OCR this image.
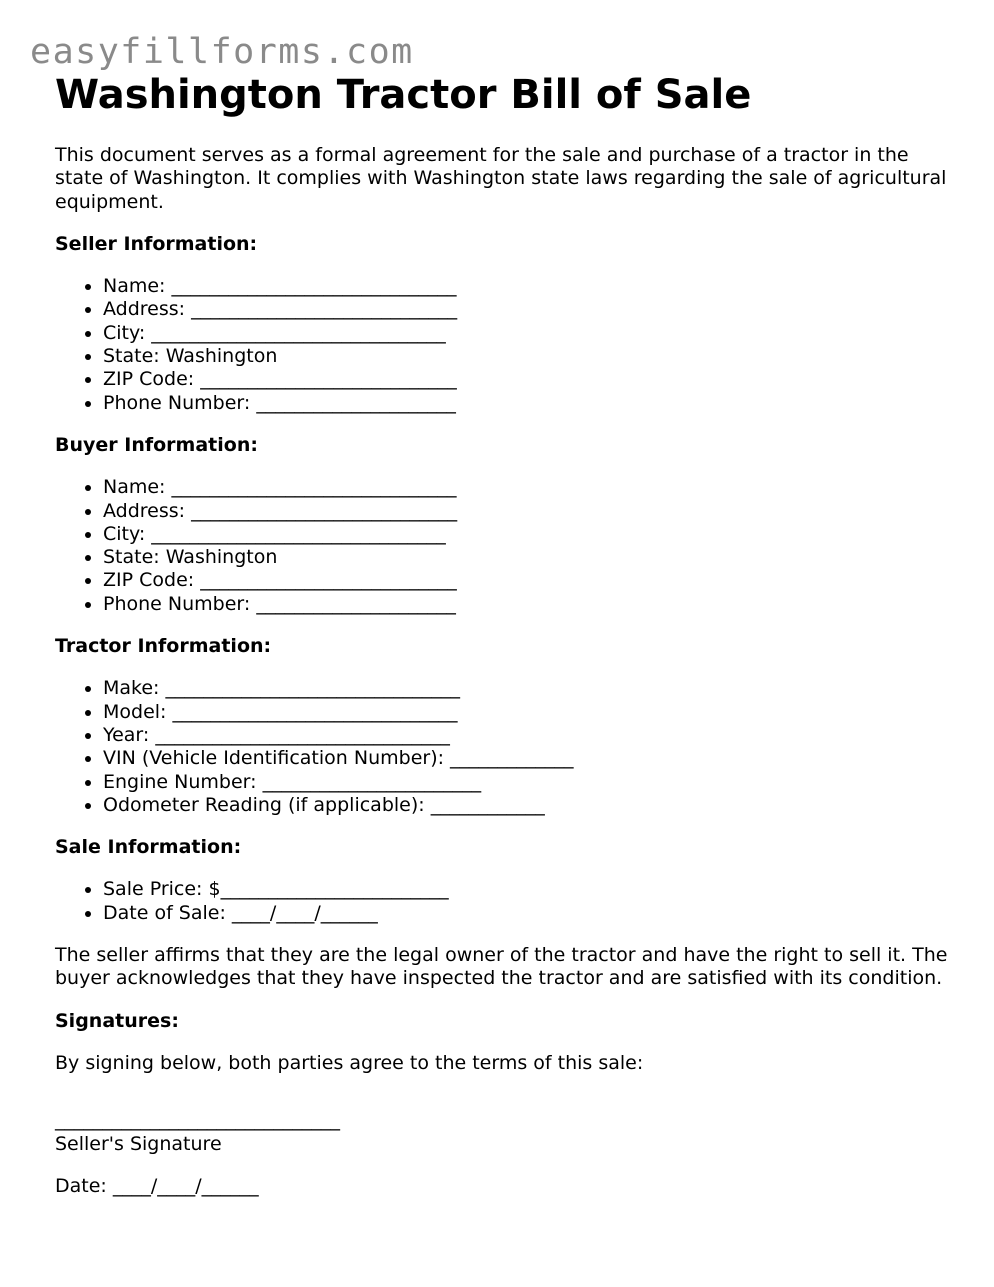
easyfillforms.com
Washington Tractor Bill of Sale

This document serves as a formal agreement for the sale and purchase of a tractor in the state of Washington. It complies with Washington state laws regarding the sale of agricultural equipment.

Seller Information:

• Name: ______________________________
• Address: ____________________________
• City: _______________________________
• State: Washington
• ZIP Code: ___________________________
• Phone Number: _____________________

Buyer Information:

• Name: ______________________________
• Address: ____________________________
• City: _______________________________
• State: Washington
• ZIP Code: ___________________________
• Phone Number: _____________________

Tractor Information:

• Make: _______________________________
• Model: ______________________________
• Year: _______________________________
• VIN (Vehicle Identification Number): _____________
• Engine Number: _______________________
• Odometer Reading (if applicable): ____________

Sale Information:

• Sale Price: $________________________
• Date of Sale: ____/____/______

The seller affirms that they are the legal owner of the tractor and have the right to sell it. The buyer acknowledges that they have inspected the tractor and are satisfied with its condition.

Signatures:

By signing below, both parties agree to the terms of this sale:

______________________________
Seller's Signature

Date: ____/____/______
